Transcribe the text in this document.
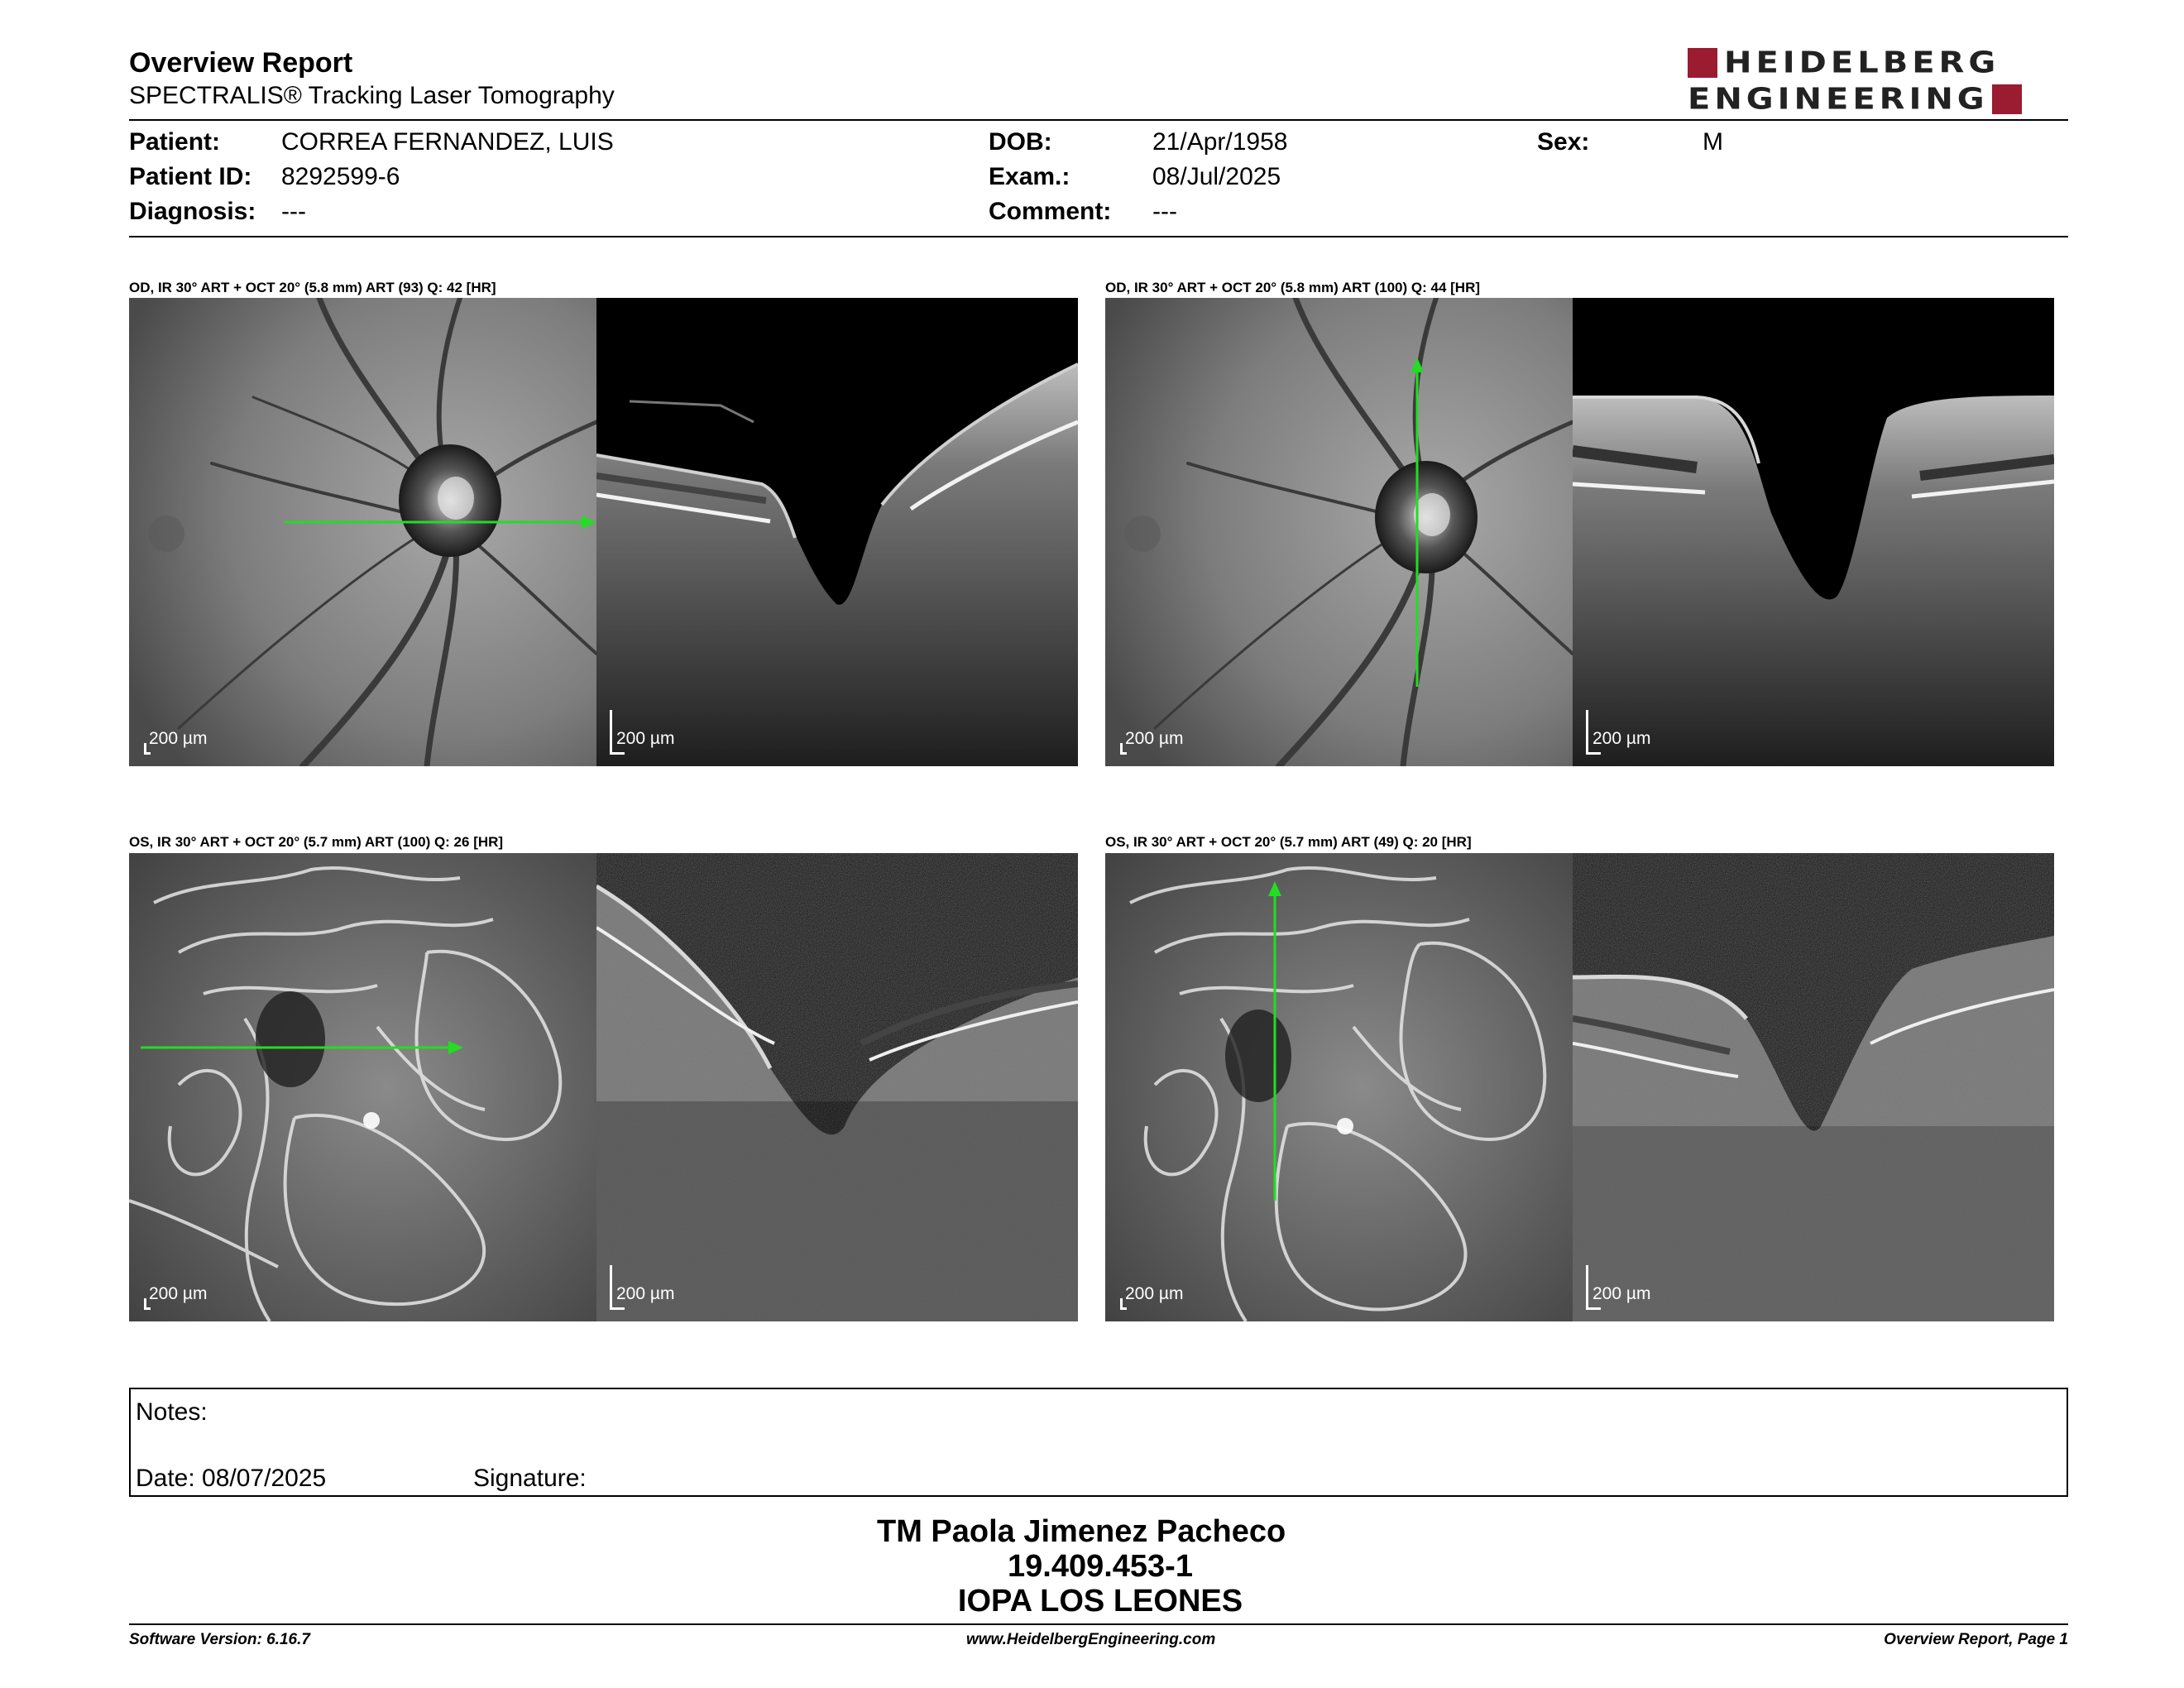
Overview Report
SPECTRALIS® Tracking Laser Tomography
HEIDELBERG
ENGINEERING
Patient: CORREA FERNANDEZ, LUIS
Patient ID: 8292599-6
Diagnosis: ---
DOB:	21/Apr/1958
Exam.:	08/Jul/2025
Comment: ---
Sex:	M
OD, IR 30° ART + OCT 20° (5.8 mm) ART (93) Q: 42 [HR]
200 µm	200 µm
OD, IR 30° ART + OCT 20° (5.8 mm) ART (100) Q: 44 [HR]
200 µm	200 µm
OS, IR 30° ART + OCT 20° (5.7 mm) ART (100) Q: 26 [HR]
200 µm	200 µm
OS, IR 30° ART + OCT 20° (5.7 mm) ART (49) Q: 20 [HR]
200 µm	200 µm
Notes:
Date: 08/07/2025	Signature:
TM Paola Jimenez Pacheco
19.409.453-1
IOPA LOS LEONES
Software Version: 6.16.7	www.HeidelbergEngineering.com	Overview Report, Page 1
